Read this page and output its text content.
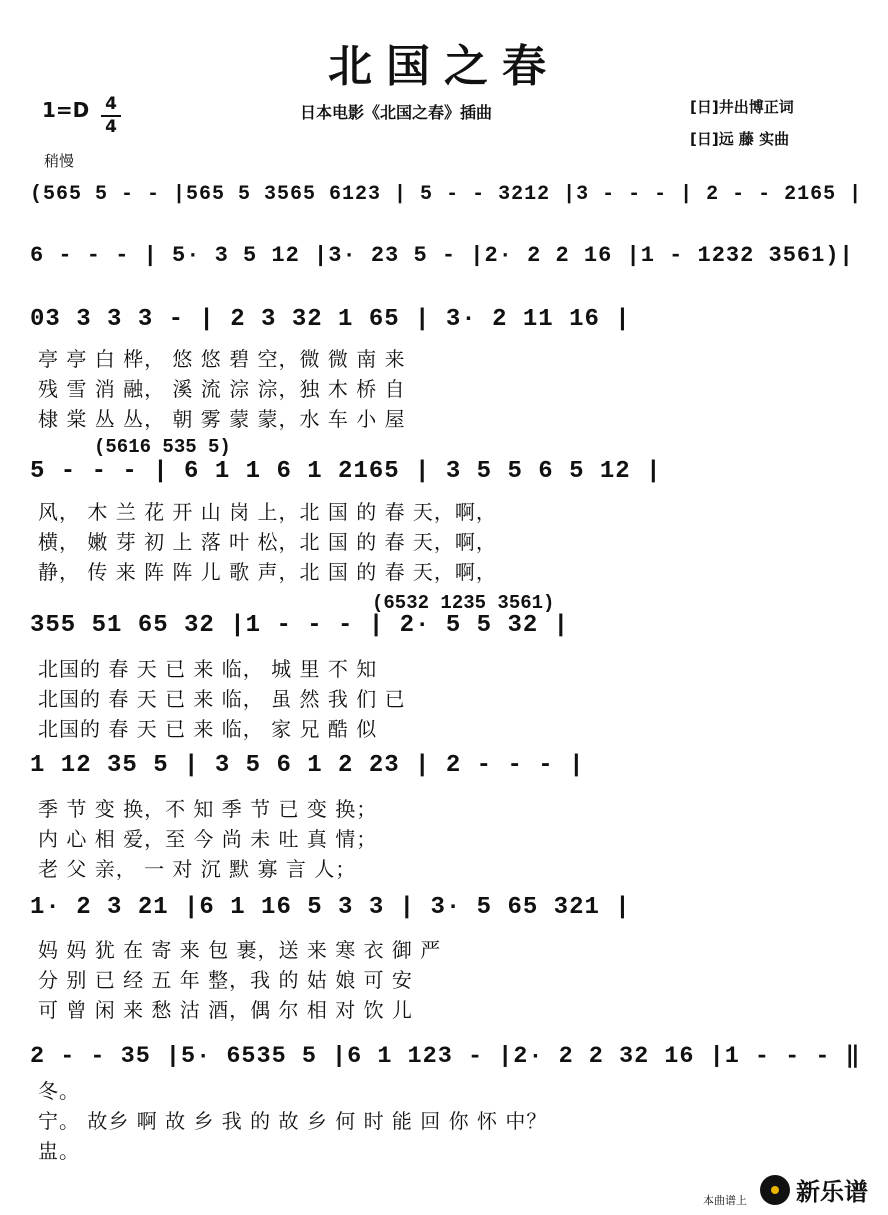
北国之春
1=D 4
4
日本电影《北国之春》插曲	[日]井出博正词
[日]远 藤 实曲
稍慢
(565 5 - - |565 5 3565 6123 | 5 - - 3212 |3 - - - | 2 - - 2165 |
6 - - - | 5· 3 5 12 |3· 23 5 - |2· 2 2 16 |1 - 1232 3561)|
03 3 3 3 - | 2 3 32 1 65 | 3· 2 11 16 |
亭 亭 白 桦， 悠 悠 碧 空，微 微 南 来
残 雪 消 融， 溪 流 淙 淙，独 木 桥 自
棣 棠 丛 丛， 朝 雾 蒙 蒙，水 车 小 屋
(5616 535 5)
5 - - - | 6 1 1 6 1 2165 | 3 5 5 6 5 12 |
风， 木 兰 花 开 山 岗 上，北 国 的 春 天，啊，
横， 嫩 芽 初 上 落 叶 松，北 国 的 春 天，啊，
静， 传 来 阵 阵 儿 歌 声，北 国 的 春 天，啊，
(6532 1235 3561)
355 51 65 32 |1 - - - | 2· 5 5 32 |
北国的 春 天 已 来 临， 城 里 不 知
北国的 春 天 已 来 临， 虽 然 我 们 已
北国的 春 天 已 来 临， 家 兄 酷 似
1 12 35 5 | 3 5 6 1 2 23 | 2 - - - |
季 节 变 换，不 知 季 节 已 变 换；
内 心 相 爱，至 今 尚 未 吐 真 情；
老 父 亲， 一 对 沉 默 寡 言 人；
1· 2 3 21 |6 1 16 5 3 3 | 3· 5 65 321 |
妈 妈 犹 在 寄 来 包 裹，送 来 寒 衣 御 严
分 别 已 经 五 年 整，我 的 姑 娘 可 安
可 曾 闲 来 愁 沽 酒，偶 尔 相 对 饮 儿
2 - - 35 |5· 6535 5 |6 1 123 - |2· 2 2 32 16 |1 - - - ‖
冬。
宁。 故乡 啊 故 乡 我 的 故 乡 何 时 能 回 你 怀 中？
盅。
本曲谱上 新乐谱
